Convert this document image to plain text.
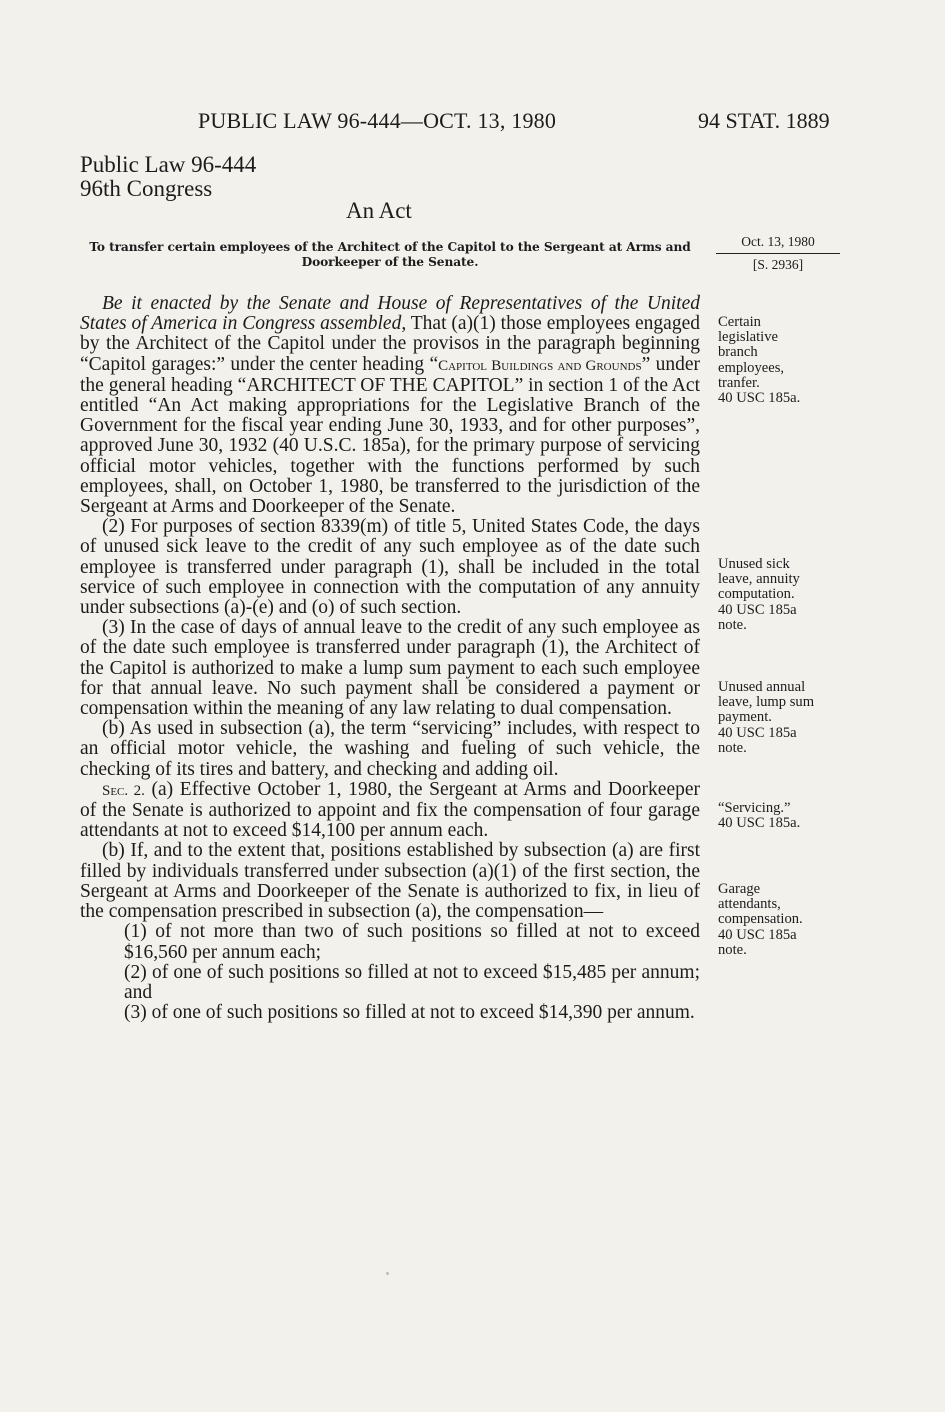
PUBLIC LAW 96-444—OCT. 13, 1980	94 STAT. 1889
Public Law 96-444
96th Congress
An Act
To transfer certain employees of the Architect of the Capitol to the Sergeant at Arms and Doorkeeper of the Senate.
Oct. 13, 1980
[S. 2936]

Be it enacted by the Senate and House of Representatives of the United States of America in Congress assembled, That (a)(1) those employees engaged by the Architect of the Capitol under the provisos in the paragraph beginning “Capitol garages:” under the center heading “Capitol Buildings and Grounds” under the general heading “ARCHITECT OF THE CAPITOL” in section 1 of the Act entitled “An Act making appropriations for the Legislative Branch of the Government for the fiscal year ending June 30, 1933, and for other purposes”, approved June 30, 1932 (40 U.S.C. 185a), for the primary purpose of servicing official motor vehicles, together with the functions performed by such employees, shall, on October 1, 1980, be transferred to the jurisdiction of the Sergeant at Arms and Doorkeeper of the Senate.

(2) For purposes of section 8339(m) of title 5, United States Code, the days of unused sick leave to the credit of any such employee as of the date such employee is transferred under paragraph (1), shall be included in the total service of such employee in connection with the computation of any annuity under subsections (a)-(e) and (o) of such section.

(3) In the case of days of annual leave to the credit of any such employee as of the date such employee is transferred under paragraph (1), the Architect of the Capitol is authorized to make a lump sum payment to each such employee for that annual leave. No such payment shall be considered a payment or compensation within the meaning of any law relating to dual compensation.

(b) As used in subsection (a), the term “servicing” includes, with respect to an official motor vehicle, the washing and fueling of such vehicle, the checking of its tires and battery, and checking and adding oil.

Sec. 2. (a) Effective October 1, 1980, the Sergeant at Arms and Doorkeeper of the Senate is authorized to appoint and fix the compensation of four garage attendants at not to exceed $14,100 per annum each.

(b) If, and to the extent that, positions established by subsection (a) are first filled by individuals transferred under subsection (a)(1) of the first section, the Sergeant at Arms and Doorkeeper of the Senate is authorized to fix, in lieu of the compensation prescribed in subsection (a), the compensation—

(1) of not more than two of such positions so filled at not to exceed $16,560 per annum each;

(2) of one of such positions so filled at not to exceed $15,485 per annum; and

(3) of one of such positions so filled at not to exceed $14,390 per annum.

Certain
legislative
branch
employees,
tranfer.
40 USC 185a.
Unused sick
leave, annuity
computation.
40 USC 185a
note.
Unused annual
leave, lump sum
payment.
40 USC 185a
note.
“Servicing.”
40 USC 185a.
Garage
attendants,
compensation.
40 USC 185a
note.
